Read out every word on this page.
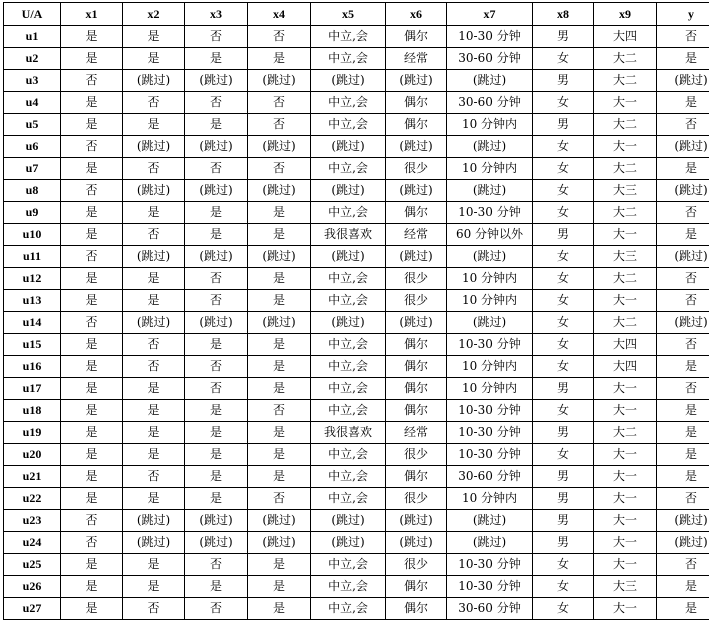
U/A	x1	x2	x3	x4	x5	x6	x7	x8	x9	y
u1	是	是	否	否	中立,会	偶尔	10-30 分钟	男	大四	否
u2	是	是	是	是	中立,会	经常	30-60 分钟	女	大二	是
u3	否	(跳过)	(跳过)	(跳过)	(跳过)	(跳过)	(跳过)	男	大二	(跳过)
u4	是	否	否	否	中立,会	偶尔	30-60 分钟	女	大一	是
u5	是	是	是	否	中立,会	偶尔	10 分钟内	男	大二	否
u6	否	(跳过)	(跳过)	(跳过)	(跳过)	(跳过)	(跳过)	女	大一	(跳过)
u7	是	否	否	否	中立,会	很少	10 分钟内	女	大二	是
u8	否	(跳过)	(跳过)	(跳过)	(跳过)	(跳过)	(跳过)	女	大三	(跳过)
u9	是	是	是	是	中立,会	偶尔	10-30 分钟	女	大二	否
u10	是	否	是	是	我很喜欢	经常	60 分钟以外	男	大一	是
u11	否	(跳过)	(跳过)	(跳过)	(跳过)	(跳过)	(跳过)	女	大三	(跳过)
u12	是	是	否	是	中立,会	很少	10 分钟内	女	大二	否
u13	是	是	否	是	中立,会	很少	10 分钟内	女	大一	否
u14	否	(跳过)	(跳过)	(跳过)	(跳过)	(跳过)	(跳过)	女	大二	(跳过)
u15	是	否	是	是	中立,会	偶尔	10-30 分钟	女	大四	否
u16	是	否	否	是	中立,会	偶尔	10 分钟内	女	大四	是
u17	是	是	否	是	中立,会	偶尔	10 分钟内	男	大一	否
u18	是	是	是	否	中立,会	偶尔	10-30 分钟	女	大一	是
u19	是	是	是	是	我很喜欢	经常	10-30 分钟	男	大二	是
u20	是	是	是	是	中立,会	很少	10-30 分钟	女	大一	是
u21	是	否	是	是	中立,会	偶尔	30-60 分钟	男	大一	是
u22	是	是	是	否	中立,会	很少	10 分钟内	男	大一	否
u23	否	(跳过)	(跳过)	(跳过)	(跳过)	(跳过)	(跳过)	男	大一	(跳过)
u24	否	(跳过)	(跳过)	(跳过)	(跳过)	(跳过)	(跳过)	男	大一	(跳过)
u25	是	是	否	是	中立,会	很少	10-30 分钟	女	大一	否
u26	是	是	是	是	中立,会	偶尔	10-30 分钟	女	大三	是
u27	是	否	否	是	中立,会	偶尔	30-60 分钟	女	大一	是
